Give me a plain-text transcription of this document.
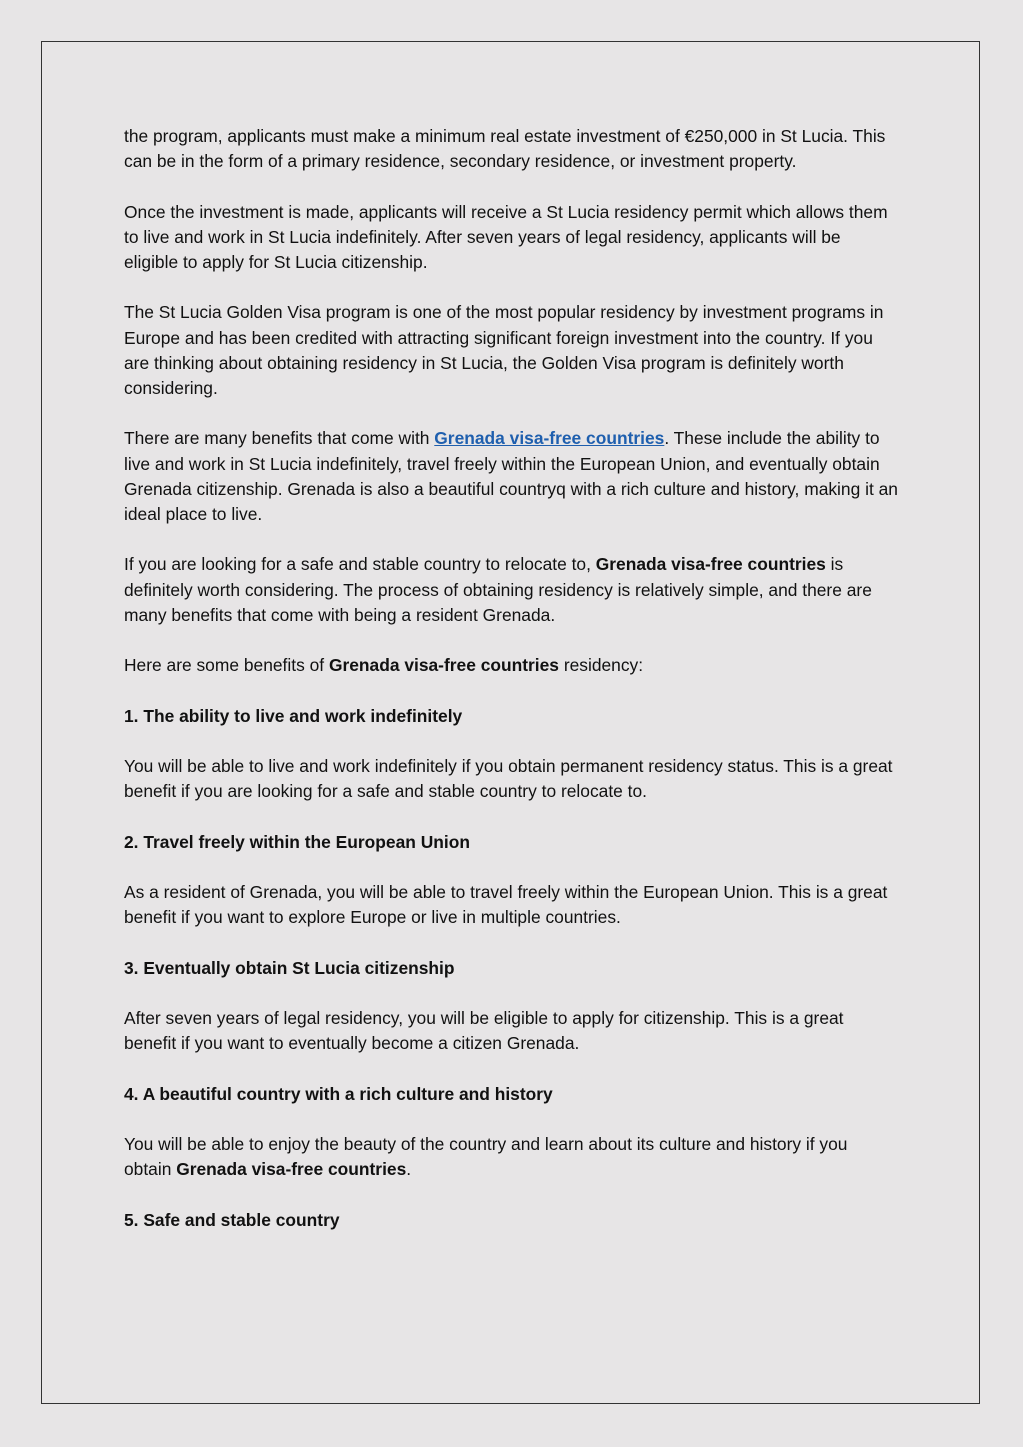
the program, applicants must make a minimum real estate investment of €250,000 in St Lucia. This can be in the form of a primary residence, secondary residence, or investment property.

Once the investment is made, applicants will receive a St Lucia residency permit which allows them to live and work in St Lucia indefinitely. After seven years of legal residency, applicants will be eligible to apply for St Lucia citizenship.

The St Lucia Golden Visa program is one of the most popular residency by investment programs in Europe and has been credited with attracting significant foreign investment into the country. If you are thinking about obtaining residency in St Lucia, the Golden Visa program is definitely worth considering.

There are many benefits that come with Grenada visa-free countries. These include the ability to live and work in St Lucia indefinitely, travel freely within the European Union, and eventually obtain Grenada citizenship. Grenada is also a beautiful countryq with a rich culture and history, making it an ideal place to live.

If you are looking for a safe and stable country to relocate to, Grenada visa-free countries is definitely worth considering. The process of obtaining residency is relatively simple, and there are many benefits that come with being a resident Grenada.

Here are some benefits of Grenada visa-free countries residency:

1. The ability to live and work indefinitely

You will be able to live and work indefinitely if you obtain permanent residency status. This is a great benefit if you are looking for a safe and stable country to relocate to.

2. Travel freely within the European Union

As a resident of Grenada, you will be able to travel freely within the European Union. This is a great benefit if you want to explore Europe or live in multiple countries.

3. Eventually obtain St Lucia citizenship

After seven years of legal residency, you will be eligible to apply for citizenship. This is a great benefit if you want to eventually become a citizen Grenada.

4. A beautiful country with a rich culture and history

You will be able to enjoy the beauty of the country and learn about its culture and history if you obtain Grenada visa-free countries.

5. Safe and stable country
